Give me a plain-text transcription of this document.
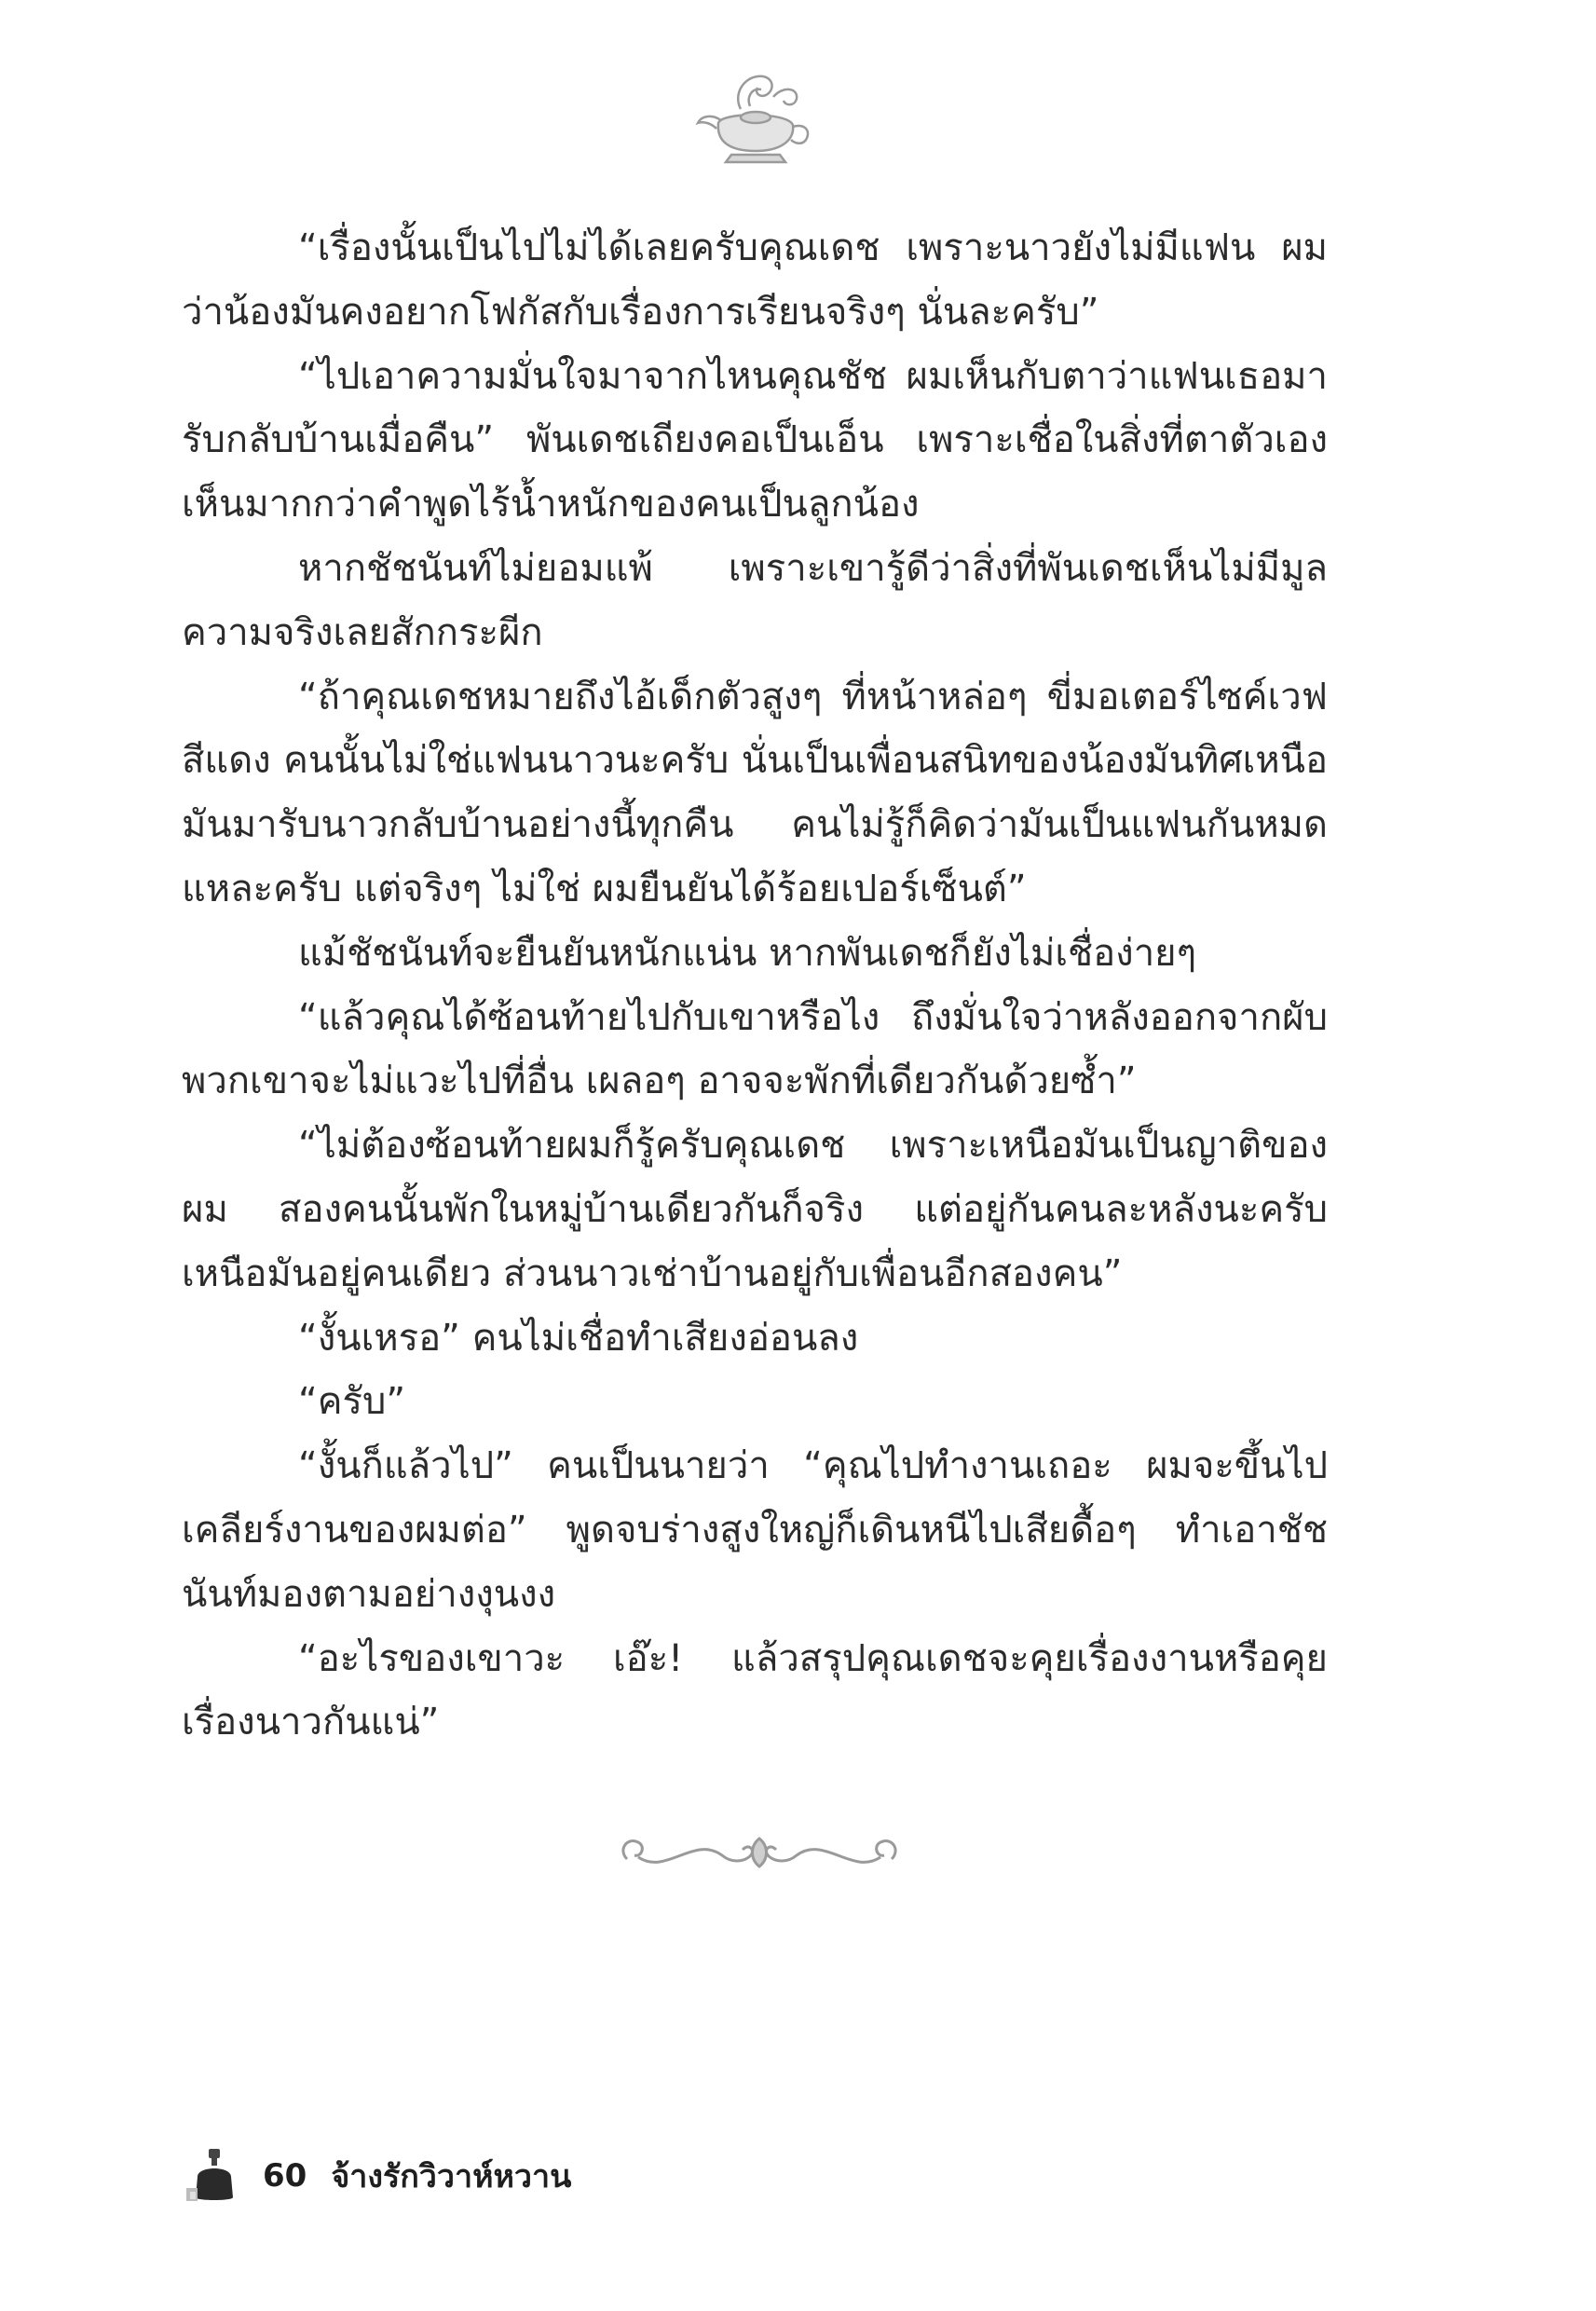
“เรื่องนั้นเป็นไปไม่ได้เลยครับคุณเดช เพราะนาวยังไม่มีแฟน ผมว่าน้องมันคงอยากโฟกัสกับเรื่องการเรียนจริงๆ นั่นละครับ”

“ไปเอาความมั่นใจมาจากไหนคุณชัช ผมเห็นกับตาว่าแฟนเธอมารับกลับบ้านเมื่อคืน” พันเดชเถียงคอเป็นเอ็น เพราะเชื่อในสิ่งที่ตาตัวเองเห็นมากกว่าคำพูดไร้น้ำหนักของคนเป็นลูกน้อง

หากชัชนันท์ไม่ยอมแพ้ เพราะเขารู้ดีว่าสิ่งที่พันเดชเห็นไม่มีมูลความจริงเลยสักกระผีก

“ถ้าคุณเดชหมายถึงไอ้เด็กตัวสูงๆ ที่หน้าหล่อๆ ขี่มอเตอร์ไซค์เวฟสีแดง คนนั้นไม่ใช่แฟนนาวนะครับ นั่นเป็นเพื่อนสนิทของน้องมันทิศเหนือมันมารับนาวกลับบ้านอย่างนี้ทุกคืน คนไม่รู้ก็คิดว่ามันเป็นแฟนกันหมดแหละครับ แต่จริงๆ ไม่ใช่ ผมยืนยันได้ร้อยเปอร์เซ็นต์”

แม้ชัชนันท์จะยืนยันหนักแน่น หากพันเดชก็ยังไม่เชื่อง่ายๆ

“แล้วคุณได้ซ้อนท้ายไปกับเขาหรือไง ถึงมั่นใจว่าหลังออกจากผับพวกเขาจะไม่แวะไปที่อื่น เผลอๆ อาจจะพักที่เดียวกันด้วยซ้ำ”

“ไม่ต้องซ้อนท้ายผมก็รู้ครับคุณเดช เพราะเหนือมันเป็นญาติของผม สองคนนั้นพักในหมู่บ้านเดียวกันก็จริง แต่อยู่กันคนละหลังนะครับ เหนือมันอยู่คนเดียว ส่วนนาวเช่าบ้านอยู่กับเพื่อนอีกสองคน”

“งั้นเหรอ” คนไม่เชื่อทำเสียงอ่อนลง

“ครับ”

“งั้นก็แล้วไป” คนเป็นนายว่า “คุณไปทำงานเถอะ ผมจะขึ้นไปเคลียร์งานของผมต่อ” พูดจบร่างสูงใหญ่ก็เดินหนีไปเสียดื้อๆ ทำเอาชัชนันท์มองตามอย่างงุนงง

“อะไรของเขาวะ เอ๊ะ! แล้วสรุปคุณเดชจะคุยเรื่องงานหรือคุยเรื่องนาวกันแน่”

60 จ้างรักวิวาห์หวาน
